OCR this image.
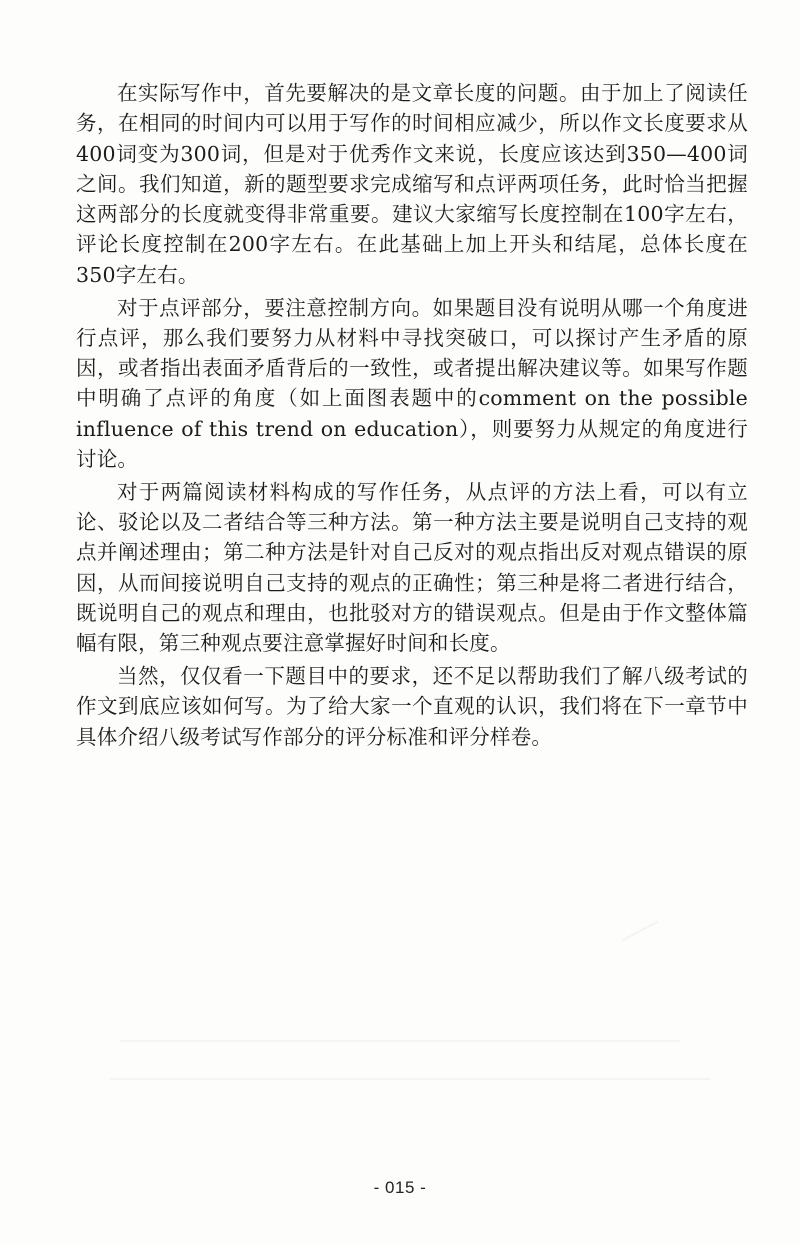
在实际写作中，首先要解决的是文章长度的问题。由于加上了阅读任务，在相同的时间内可以用于写作的时间相应减少，所以作文长度要求从400词变为300词，但是对于优秀作文来说，长度应该达到350—400词之间。我们知道，新的题型要求完成缩写和点评两项任务，此时恰当把握这两部分的长度就变得非常重要。建议大家缩写长度控制在100字左右，评论长度控制在200字左右。在此基础上加上开头和结尾，总体长度在350字左右。

对于点评部分，要注意控制方向。如果题目没有说明从哪一个角度进行点评，那么我们要努力从材料中寻找突破口，可以探讨产生矛盾的原因，或者指出表面矛盾背后的一致性，或者提出解决建议等。如果写作题中明确了点评的角度（如上面图表题中的comment on the possible influence of this trend on education），则要努力从规定的角度进行讨论。

对于两篇阅读材料构成的写作任务，从点评的方法上看，可以有立论、驳论以及二者结合等三种方法。第一种方法主要是说明自己支持的观点并阐述理由；第二种方法是针对自己反对的观点指出反对观点错误的原因，从而间接说明自己支持的观点的正确性；第三种是将二者进行结合，既说明自己的观点和理由，也批驳对方的错误观点。但是由于作文整体篇幅有限，第三种观点要注意掌握好时间和长度。

当然，仅仅看一下题目中的要求，还不足以帮助我们了解八级考试的作文到底应该如何写。为了给大家一个直观的认识，我们将在下一章节中具体介绍八级考试写作部分的评分标准和评分样卷。

- 015 -
